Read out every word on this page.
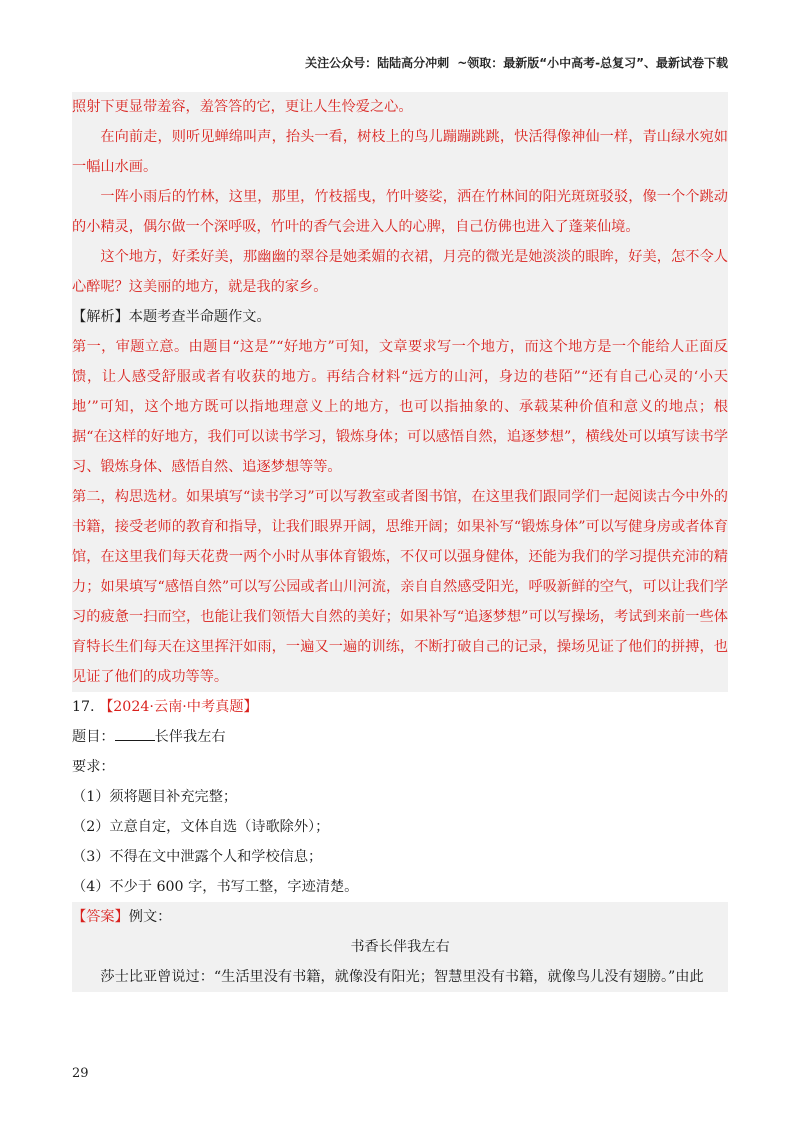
关注公众号：陆陆高分冲刺 ~领取：最新版“小中高考-总复习”、最新试卷下载

照射下更显带羞容，羞答答的它，更让人生怜爱之心。

在向前走，则听见蝉绵叫声，抬头一看，树枝上的鸟儿蹦蹦跳跳，快活得像神仙一样，青山绿水宛如一幅山水画。

一阵小雨后的竹林，这里，那里，竹枝摇曳，竹叶婆娑，洒在竹林间的阳光斑斑驳驳，像一个个跳动的小精灵，偶尔做一个深呼吸，竹叶的香气会进入人的心脾，自己仿佛也进入了蓬莱仙境。

这个地方，好柔好美，那幽幽的翠谷是她柔媚的衣裙，月亮的微光是她淡淡的眼眸，好美，怎不令人心醉呢？这美丽的地方，就是我的家乡。

【解析】本题考查半命题作文。

第一，审题立意。由题目“这是”“好地方”可知，文章要求写一个地方，而这个地方是一个能给人正面反馈，让人感受舒服或者有收获的地方。再结合材料“远方的山河，身边的巷陌”“还有自己心灵的‘小天地’”可知，这个地方既可以指地理意义上的地方，也可以指抽象的、承载某种价值和意义的地点；根据“在这样的好地方，我们可以读书学习，锻炼身体；可以感悟自然，追逐梦想”，横线处可以填写读书学习、锻炼身体、感悟自然、追逐梦想等等。

第二，构思选材。如果填写“读书学习”可以写教室或者图书馆，在这里我们跟同学们一起阅读古今中外的书籍，接受老师的教育和指导，让我们眼界开阔，思维开阔；如果补写“锻炼身体”可以写健身房或者体育馆，在这里我们每天花费一两个小时从事体育锻炼，不仅可以强身健体，还能为我们的学习提供充沛的精力；如果填写“感悟自然”可以写公园或者山川河流，亲自自然感受阳光，呼吸新鲜的空气，可以让我们学习的疲惫一扫而空，也能让我们领悟大自然的美好；如果补写“追逐梦想”可以写操场，考试到来前一些体育特长生们每天在这里挥汗如雨，一遍又一遍的训练，不断打破自己的记录，操场见证了他们的拼搏，也见证了他们的成功等等。

17. 【2024·云南·中考真题】

题目：	长伴我左右

要求：

（1）须将题目补充完整；

（2）立意自定，文体自选（诗歌除外）；

（3）不得在文中泄露个人和学校信息；

（4）不少于 600 字，书写工整，字迹清楚。

【答案】例文：

书香长伴我左右

莎士比亚曾说过：“生活里没有书籍，就像没有阳光；智慧里没有书籍，就像鸟儿没有翅膀。”由此

29
